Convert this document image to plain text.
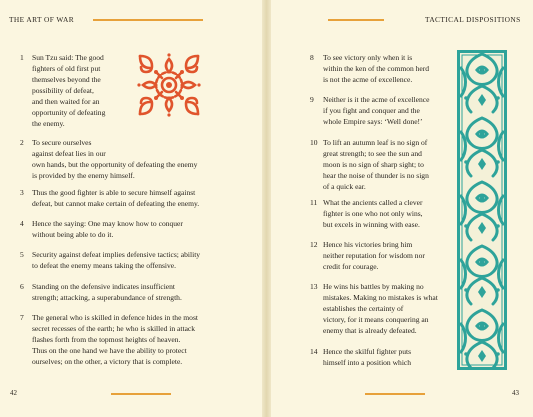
THE ART OF WAR
1	Sun Tzu said: The good
fighters of old first put
themselves beyond the
possibility of defeat,
and then waited for an
opportunity of defeating
the enemy.
2	To secure ourselves
against defeat lies in our
own hands, but the opportunity of defeating the enemy
is provided by the enemy himself.
3	Thus the good fighter is able to secure himself against
defeat, but cannot make certain of defeating the enemy.
4	Hence the saying: One may know how to conquer
without being able to do it.
5	Security against defeat implies defensive tactics; ability
to defeat the enemy means taking the offensive.
6	Standing on the defensive indicates insufficient
strength; attacking, a superabundance of strength.
7	The general who is skilled in defence hides in the most
secret recesses of the earth; he who is skilled in attack
flashes forth from the topmost heights of heaven.
Thus on the one hand we have the ability to protect
ourselves; on the other, a victory that is complete.
42
TACTICAL DISPOSITIONS
8	To see victory only when it is
within the ken of the common herd
is not the acme of excellence.
9	Neither is it the acme of excellence
if you fight and conquer and the
whole Empire says: ‘Well done!’
10 To lift an autumn leaf is no sign of
great strength; to see the sun and
moon is no sign of sharp sight; to
hear the noise of thunder is no sign
of a quick ear.
11 What the ancients called a clever
fighter is one who not only wins,
but excels in winning with ease.
12 Hence his victories bring him
neither reputation for wisdom nor
credit for courage.
13 He wins his battles by making no
mistakes. Making no mistakes is what
establishes the certainty of
victory, for it means conquering an
enemy that is already defeated.
14 Hence the skilful fighter puts
himself into a position which
43
